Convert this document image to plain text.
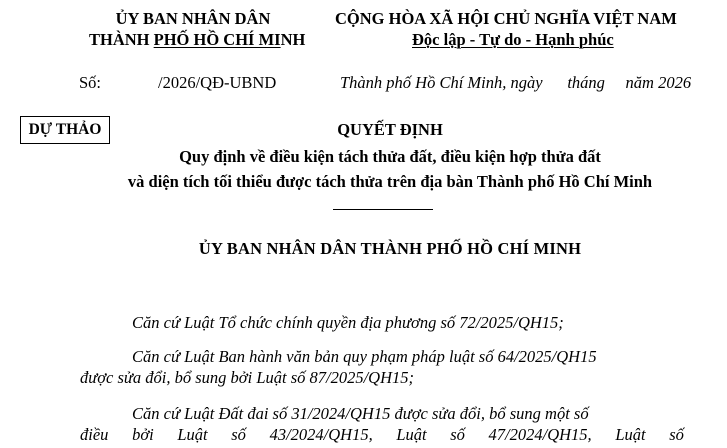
ỦY BAN NHÂN DÂN
THÀNH PHỐ HỒ CHÍ MINH
CỘNG HÒA XÃ HỘI CHỦ NGHĨA VIỆT NAM
Độc lập - Tự do - Hạnh phúc
Số:	/2026/QĐ-UBND	Thành phố Hồ Chí Minh, ngày      tháng     năm 2026
DỰ THẢO	QUYẾT ĐỊNH
Quy định về điều kiện tách thửa đất, điều kiện hợp thửa đất
và diện tích tối thiểu được tách thửa trên địa bàn Thành phố Hồ Chí Minh
ỦY BAN NHÂN DÂN THÀNH PHỐ HỒ CHÍ MINH
Căn cứ Luật Tổ chức chính quyền địa phương số 72/2025/QH15;
Căn cứ Luật Ban hành văn bản quy phạm pháp luật số 64/2025/QH15
được sửa đổi, bổ sung bởi Luật số 87/2025/QH15;
Căn cứ Luật Đất đai số 31/2024/QH15 được sửa đổi, bổ sung một số
điều bởi Luật số 43/2024/QH15, Luật số 47/2024/QH15, Luật số
